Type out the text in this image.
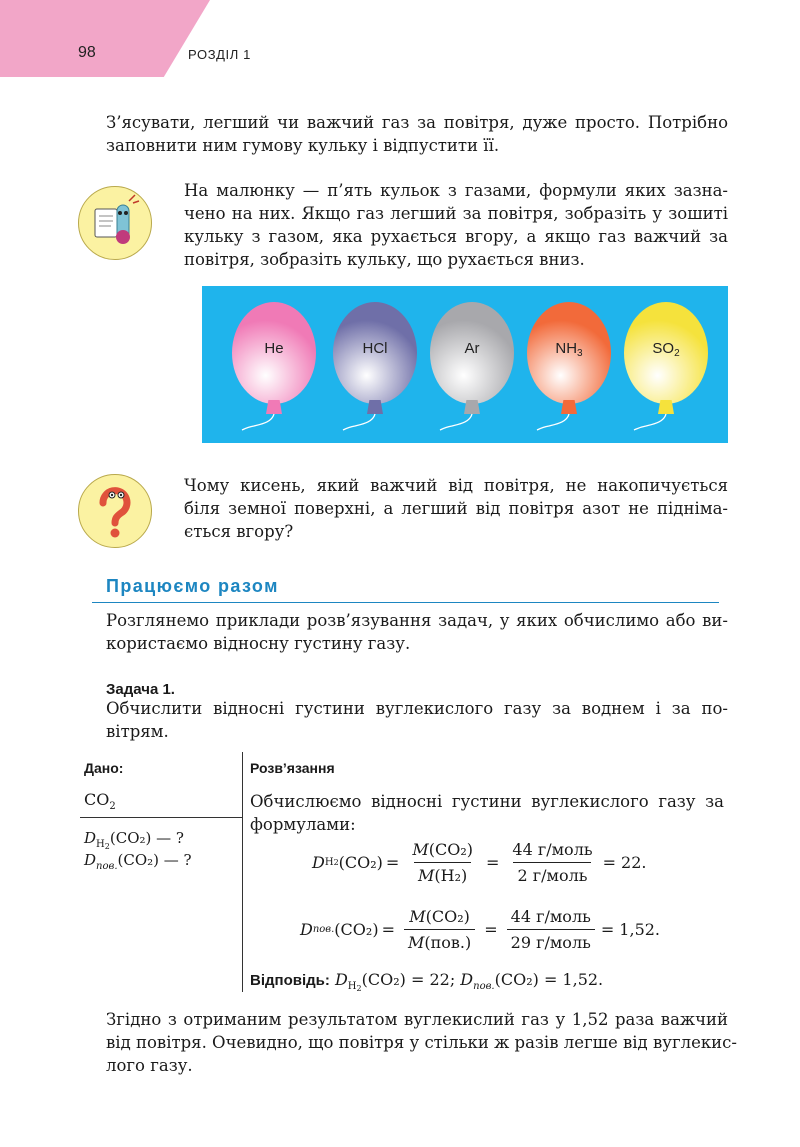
98	РОЗДІЛ 1
З’ясувати, легший чи важчий газ за повітря, дуже просто. Потрібно
заповнити ним гумову кульку і відпустити її.
На малюнку — п’ять кульок з газами, формули яких зазна-
чено на них. Якщо газ легший за повітря, зобразіть у зошиті
кульку з газом, яка рухається вгору, а якщо газ важчий за
повітря, зобразіть кульку, що рухається вниз.
He	HCl	Ar	$NH_3$	$SO_2$
Чому кисень, який важчий від повітря, не накопичується
біля земної поверхні, а легший від повітря азот не підніма-
ється вгору?
Працюємо разом
Розглянемо приклади розв’язування задач, у яких обчислимо або ви-
користаємо відносну густину газу.
Задача 1.
Обчислити відносні густини вуглекислого газу за воднем і за по-
вітрям.
Дано:	Розв’язання
$CO_2$
$D_{H2}(CO_2)$ — ?
$D_{пов.}(CO_2)$ — ?
Обчислюємо відносні густини вуглекислого газу за
формулами:
D H 2 $(CO_2) = \frac{\text{M(CO₂)}}{\text{M(H₂)}} = \frac{\text{44 г/моль}}{\text{2 г/моль}} = 22$.
D пов. $(CO_2) = \frac{\text{M(CO₂)}}{\text{M(пов.)}} = \frac{\text{44 г/моль}}{\text{29 г/моль}} = 1,52$.
Відповідь: $D_{H2}(CO_2) = 22$; $D_{пов.}(CO_2) = 1,52$.
Згідно з отриманим результатом вуглекислий газ у 1,52 раза важчий
від повітря. Очевидно, що повітря у стільки ж разів легше від вуглекис-
лого газу.
